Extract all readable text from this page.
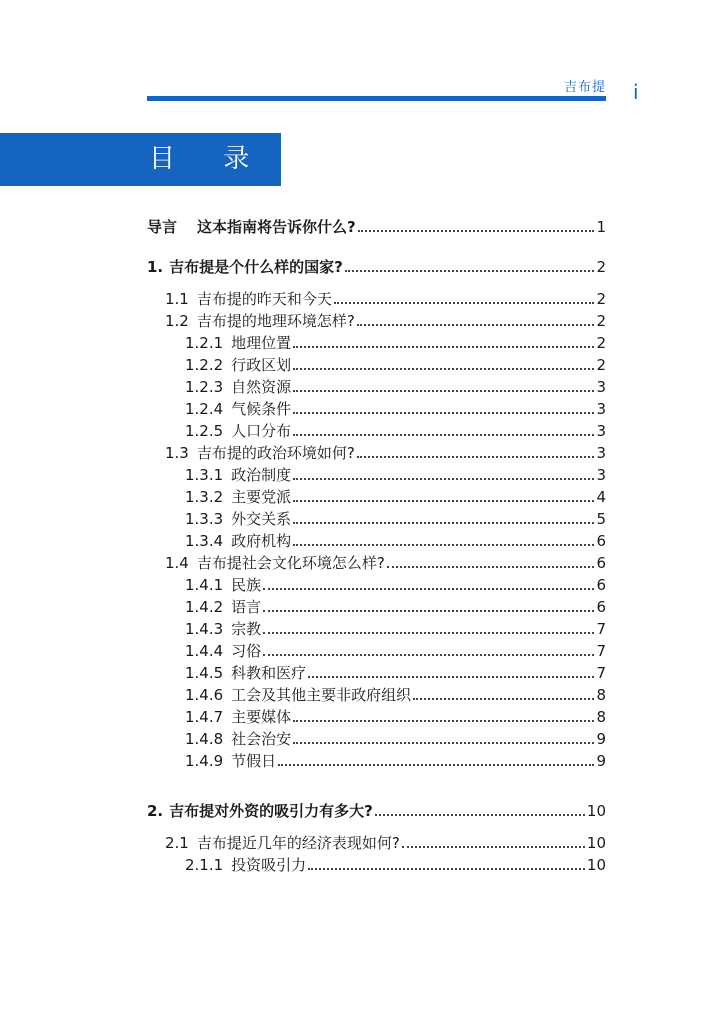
吉布提 i
目 录
导言 这本指南将告诉你什么?	1
1. 吉布提是个什么样的国家?	2
1.1 吉布提的昨天和今天	2
1.2 吉布提的地理环境怎样?	2
1.2.1 地理位置	2
1.2.2 行政区划	2
1.2.3 自然资源	3
1.2.4 气候条件	3
1.2.5 人口分布	3
1.3 吉布提的政治环境如何?	3
1.3.1 政治制度	3
1.3.2 主要党派	4
1.3.3 外交关系	5
1.3.4 政府机构	6
1.4 吉布提社会文化环境怎么样?	6
1.4.1 民族	6
1.4.2 语言	6
1.4.3 宗教	7
1.4.4 习俗	7
1.4.5 科教和医疗	7
1.4.6 工会及其他主要非政府组织	8
1.4.7 主要媒体	8
1.4.8 社会治安	9
1.4.9 节假日	9
2. 吉布提对外资的吸引力有多大?	10
2.1 吉布提近几年的经济表现如何?	10
2.1.1 投资吸引力	10
